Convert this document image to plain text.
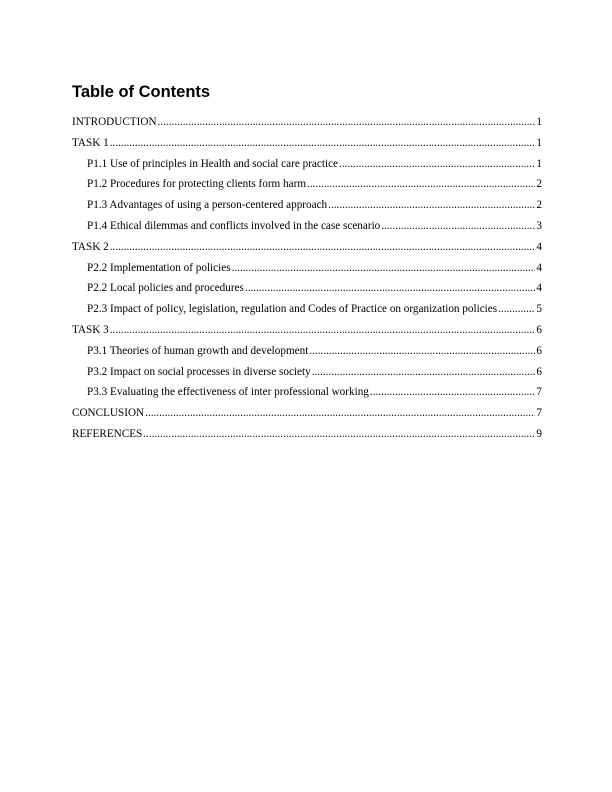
Table of Contents
INTRODUCTION .....	1
TASK 1 .....	1
P1.1 Use of principles in Health and social care practice .....	1
P1.2 Procedures for protecting clients form harm .....	2
P1.3 Advantages of using a person-centered approach .....	2
P1.4 Ethical dilemmas and conflicts involved in the case scenario .....	3
TASK 2 .....	4
P2.2 Implementation of policies .....	4
P2.2 Local policies and procedures .....	4
P2.3 Impact of policy, legislation, regulation and Codes of Practice on organization policies .....	5
TASK 3 .....	6
P3.1 Theories of human growth and development .....	6
P3.2 Impact on social processes in diverse society .....	6
P3.3 Evaluating the effectiveness of inter professional working .....	7
CONCLUSION .....	7
REFERENCES .....	9
